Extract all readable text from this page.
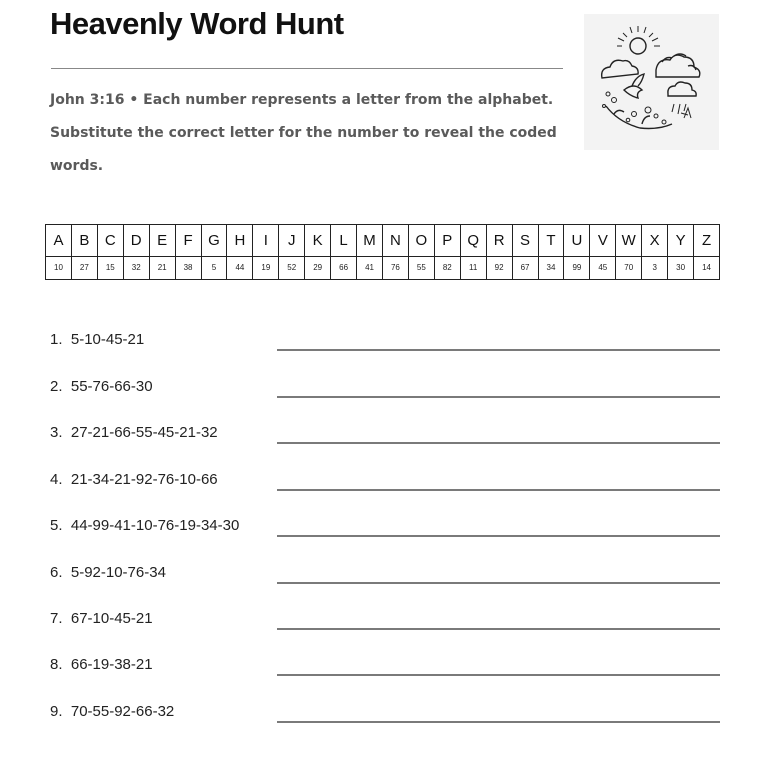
Heavenly Word Hunt

John 3:16 • Each number represents a letter from the alphabet. Substitute the correct letter for the number to reveal the coded words.

A	B	C	D	E	F	G	H	I	J	K	L	M	N	O	P	Q	R	S	T	U	V	W	X	Y	Z
10	27	15	32	21	38	5	44	19	52	29	66	41	76	55	82	11	92	67	34	99	45	70	3	30	14
1. 5-10-45-21
2. 55-76-66-30
3. 27-21-66-55-45-21-32
4. 21-34-21-92-76-10-66
5. 44-99-41-10-76-19-34-30
6. 5-92-10-76-34
7. 67-10-45-21
8. 66-19-38-21
9. 70-55-92-66-32
